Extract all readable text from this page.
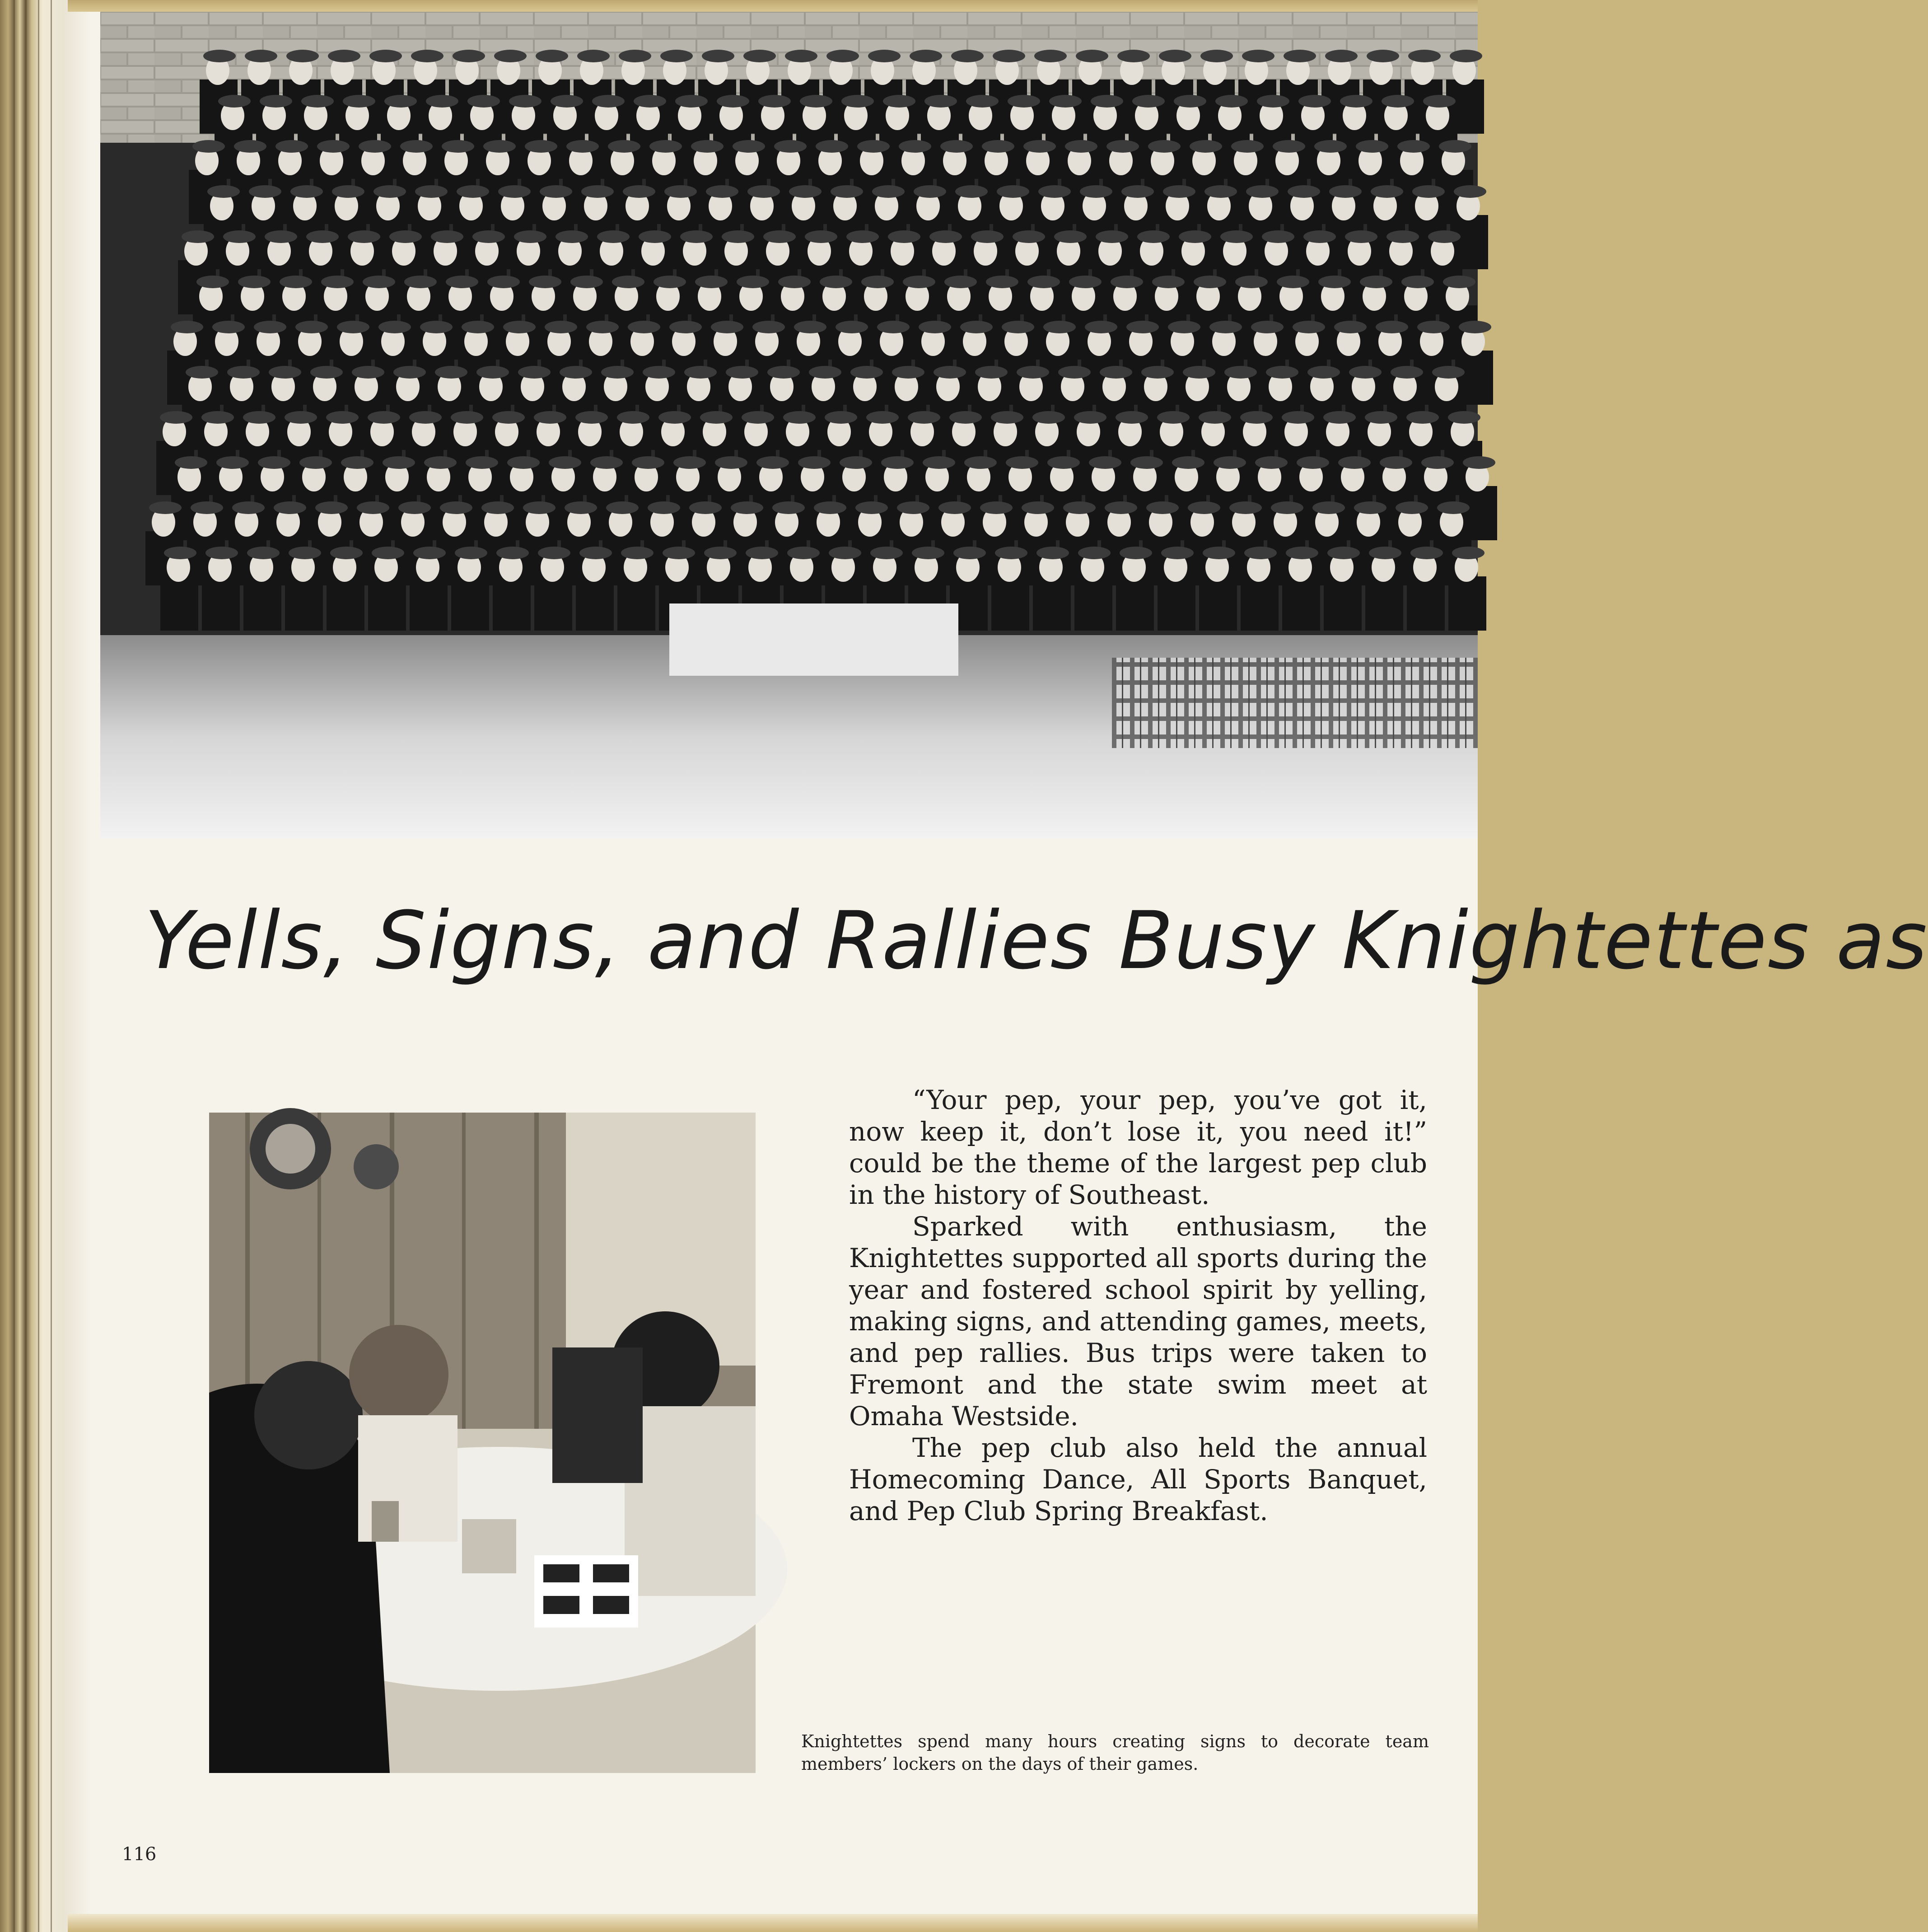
Yells, Signs, and Rallies Busy Knightettes as

“Your pep, your pep, you’ve got it, now keep it, don’t lose it, you need it!” could be the theme of the largest pep club in the history of Southeast.

Sparked with enthusiasm, the Knightettes supported all sports during the year and fostered school spirit by yelling, making signs, and attending games, meets, and pep rallies. Bus trips were taken to Fremont and the state swim meet at Omaha Westside.

The pep club also held the annual Homecoming Dance, All Sports Banquet, and Pep Club Spring Breakfast.

Knightettes spend many hours creating signs to decorate team members’ lockers on the days of their games.
116
